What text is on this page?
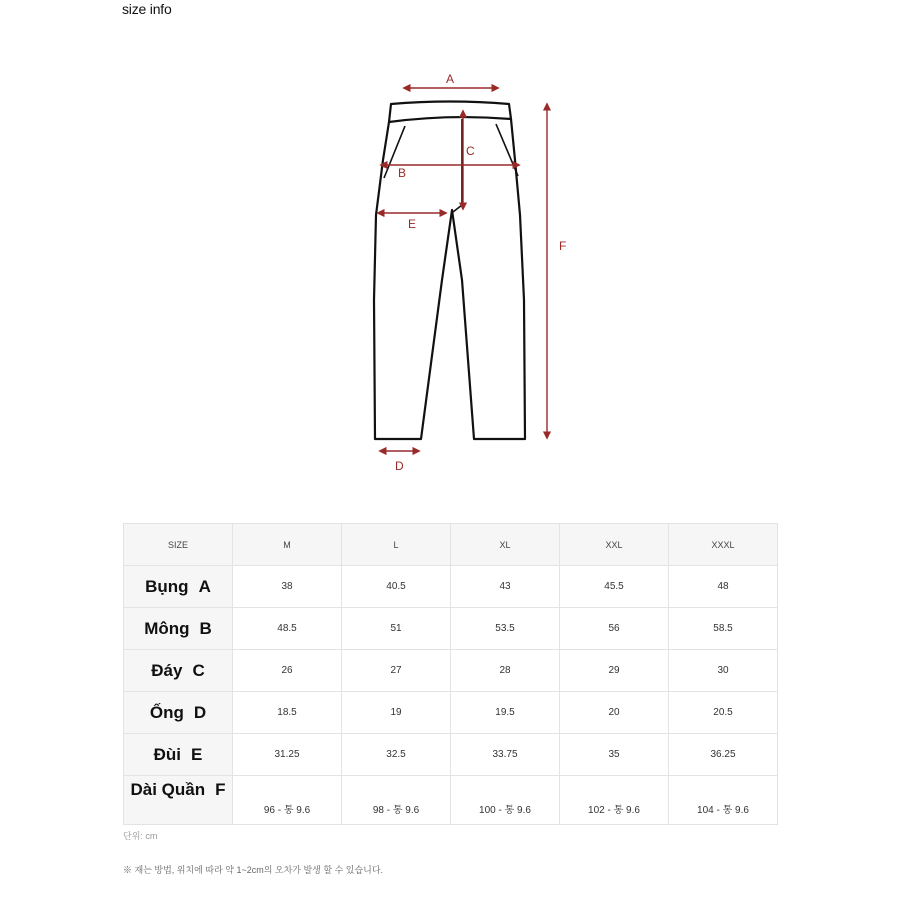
size info
A
B
C
E
D
F
SIZE	M	L	XL	XXL	XXXL
Bụng A	38	40.5	43	45.5	48
Mông B	48.5	51	53.5	56	58.5
Đáy C	26	27	28	29	30
Ống D	18.5	19	19.5	20	20.5
Đùi E	31.25	32.5	33.75	35	36.25
Dài Quần F	96 - 통 9.6	98 - 통 9.6	100 - 통 9.6	102 - 통 9.6	104 - 통 9.6
단위: cm
※ 재는 방법, 위치에 따라 약 1~2cm의 오차가 발생 할 수 있습니다.
